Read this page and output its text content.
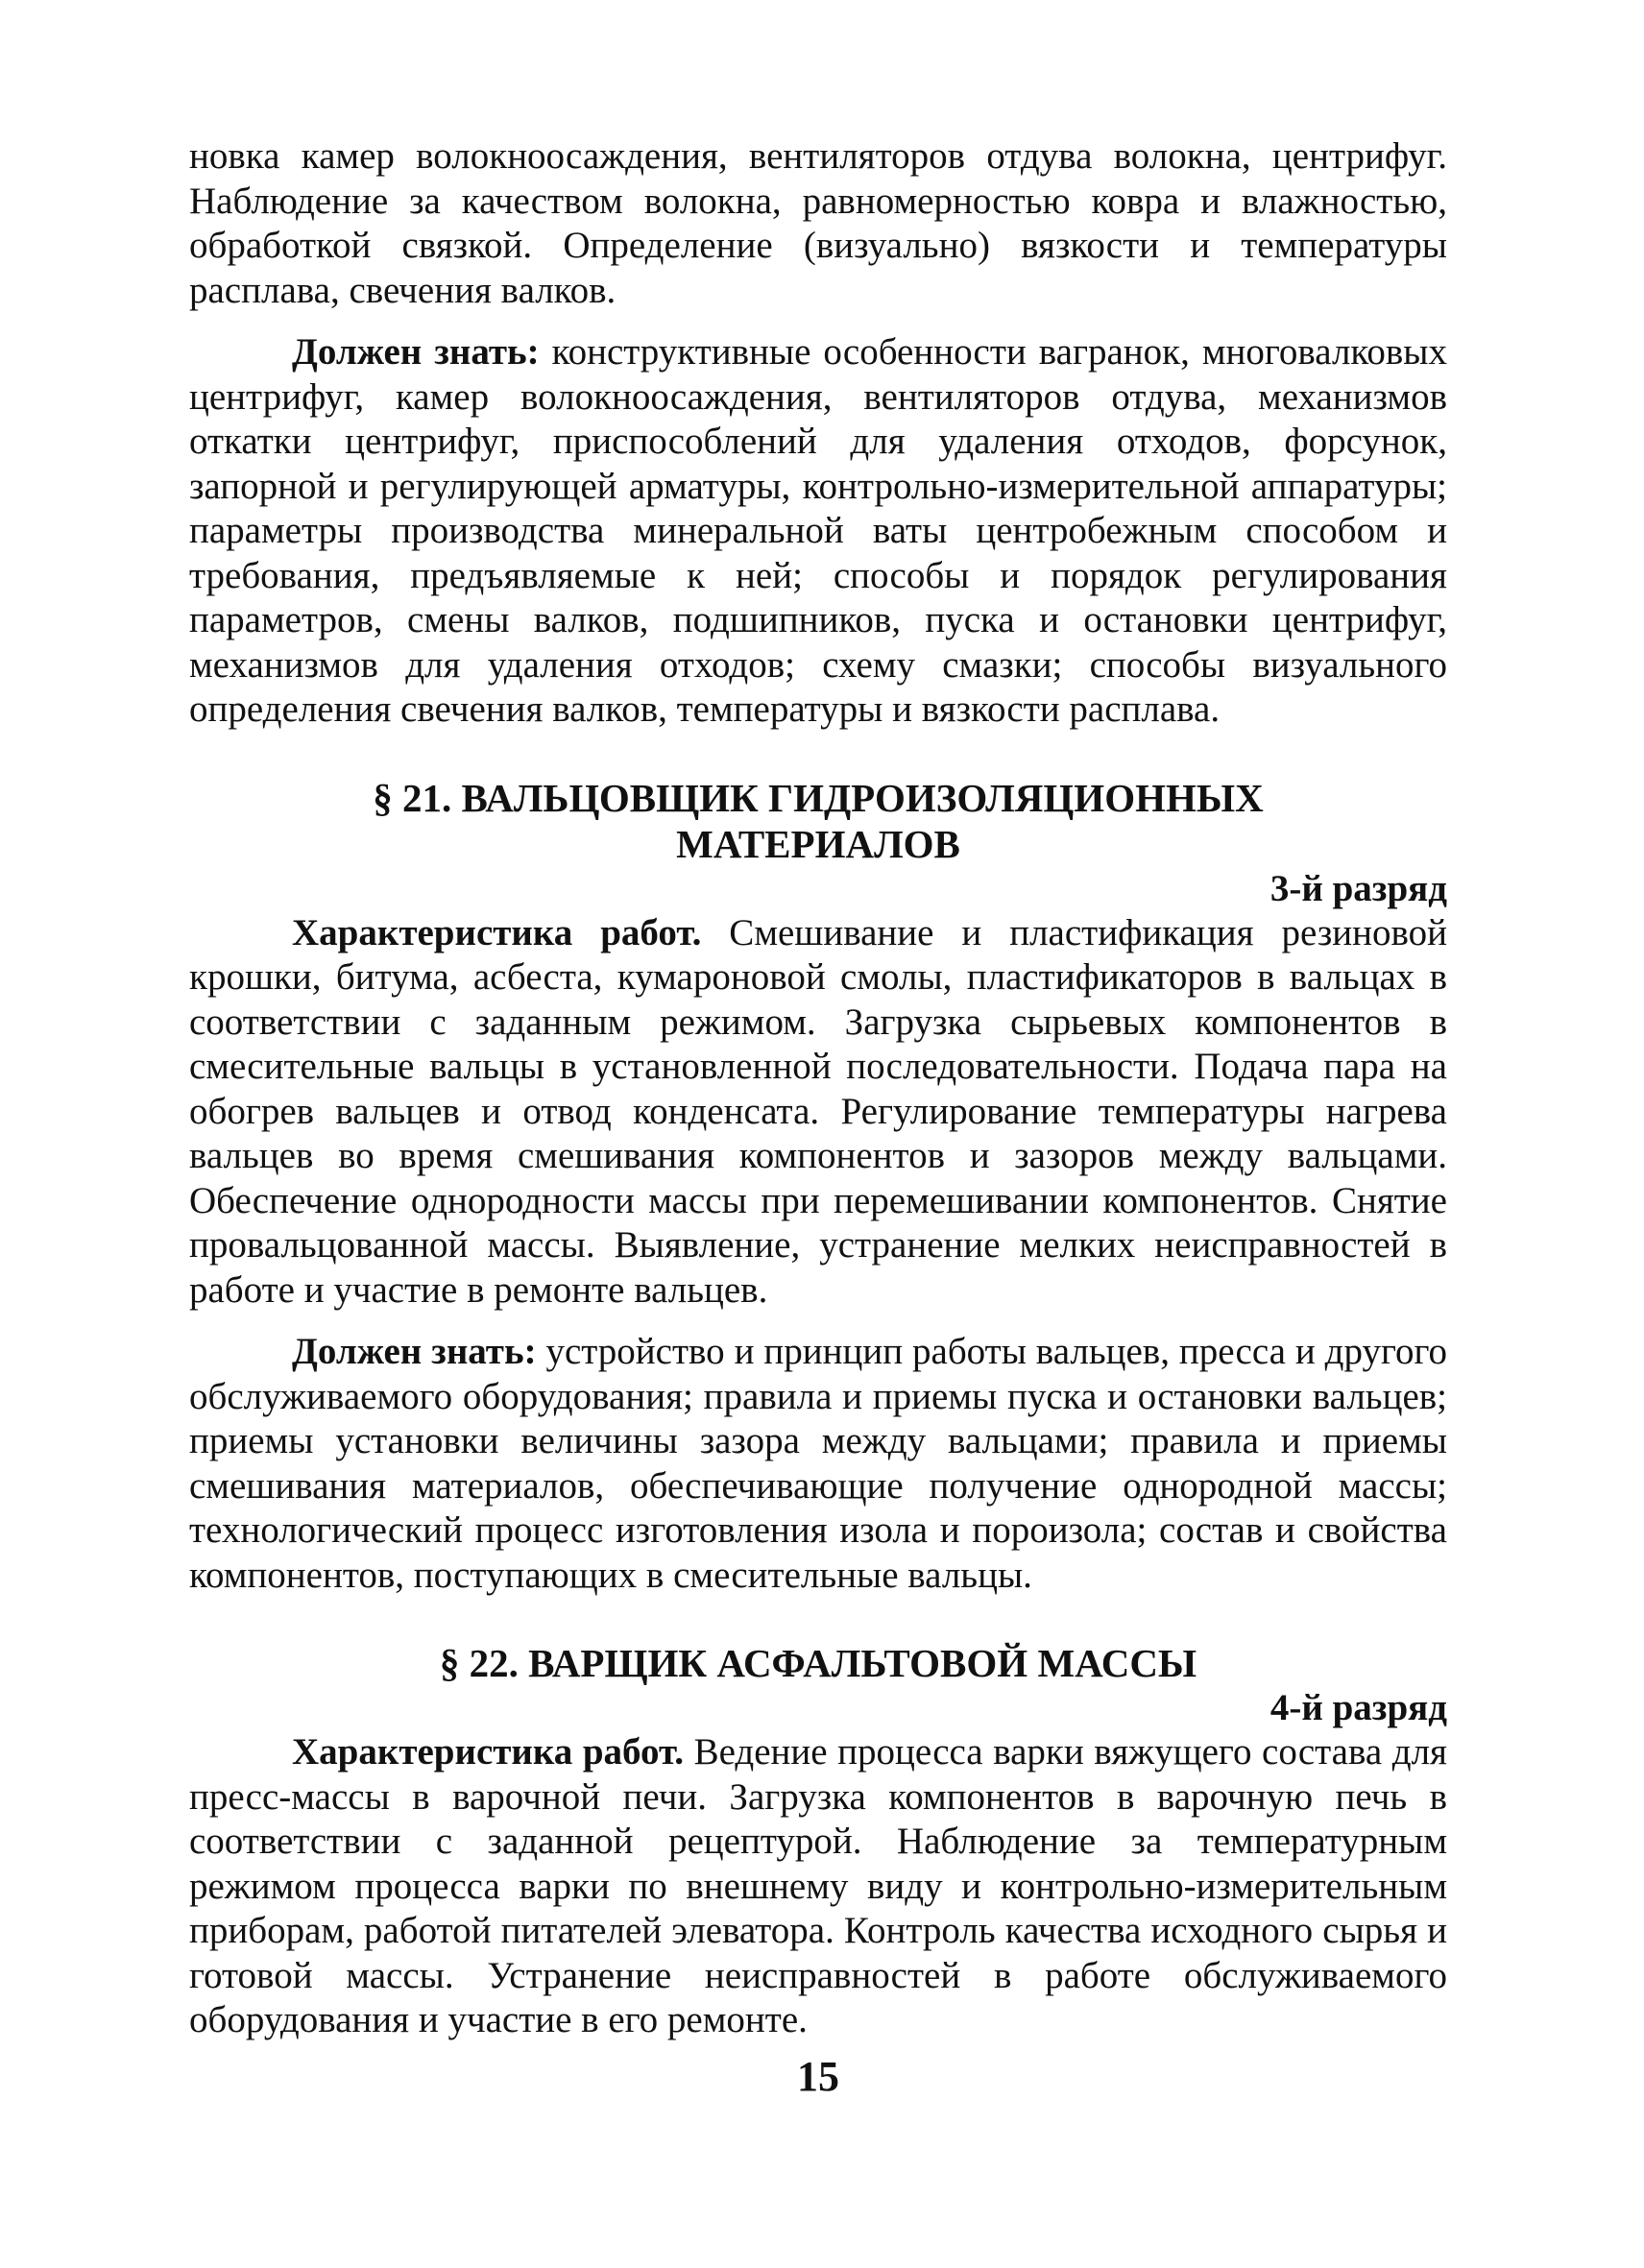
новка камер волокноосаждения, вентиляторов отдува волокна, центрифуг. Наблюдение за качеством волокна, равномерностью ковра и влажностью, обработкой связкой. Определение (визуально) вязкости и температуры расплава, свечения валков.

Должен знать: конструктивные особенности вагранок, многовалковых центрифуг, камер волокноосаждения, вентиляторов отдува, механизмов откатки центрифуг, приспособлений для удаления отходов, форсунок, запорной и регулирующей арматуры, контрольно-измерительной аппаратуры; параметры производства минеральной ваты центробежным способом и требования, предъявляемые к ней; способы и порядок регулирования параметров, смены валков, подшипников, пуска и остановки центрифуг, механизмов для удаления отходов; схему смазки; способы визуального определения свечения валков, температуры и вязкости расплава.

§ 21. ВАЛЬЦОВЩИК ГИДРОИЗОЛЯЦИОННЫХ

МАТЕРИАЛОВ

3-й разряд

Характеристика работ. Смешивание и пластификация резиновой крошки, битума, асбеста, кумароновой смолы, пластификаторов в вальцах в соответствии с заданным режимом. Загрузка сырьевых компонентов в смесительные вальцы в установленной последовательности. Подача пара на обогрев вальцев и отвод конденсата. Регулирование температуры нагрева вальцев во время смешивания компонентов и зазоров между вальцами. Обеспечение однородности массы при перемешивании компонентов. Снятие провальцованной массы. Выявление, устранение мелких неисправностей в работе и участие в ремонте вальцев.

Должен знать: устройство и принцип работы вальцев, пресса и другого обслуживаемого оборудования; правила и приемы пуска и остановки вальцев; приемы установки величины зазора между вальцами; правила и приемы смешивания материалов, обеспечивающие получение однородной массы; технологический процесс изготовления изола и пороизола; состав и свойства компонентов, поступающих в смесительные вальцы.

§ 22. ВАРЩИК АСФАЛЬТОВОЙ МАССЫ

4-й разряд

Характеристика работ. Ведение процесса варки вяжущего состава для пресс-массы в варочной печи. Загрузка компонентов в варочную печь в соответствии с заданной рецептурой. Наблюдение за температурным режимом процесса варки по внешнему виду и контрольно-измерительным приборам, работой питателей элеватора. Контроль качества исходного сырья и готовой массы. Устранение неисправностей в работе обслуживаемого оборудования и участие в его ремонте.

15
